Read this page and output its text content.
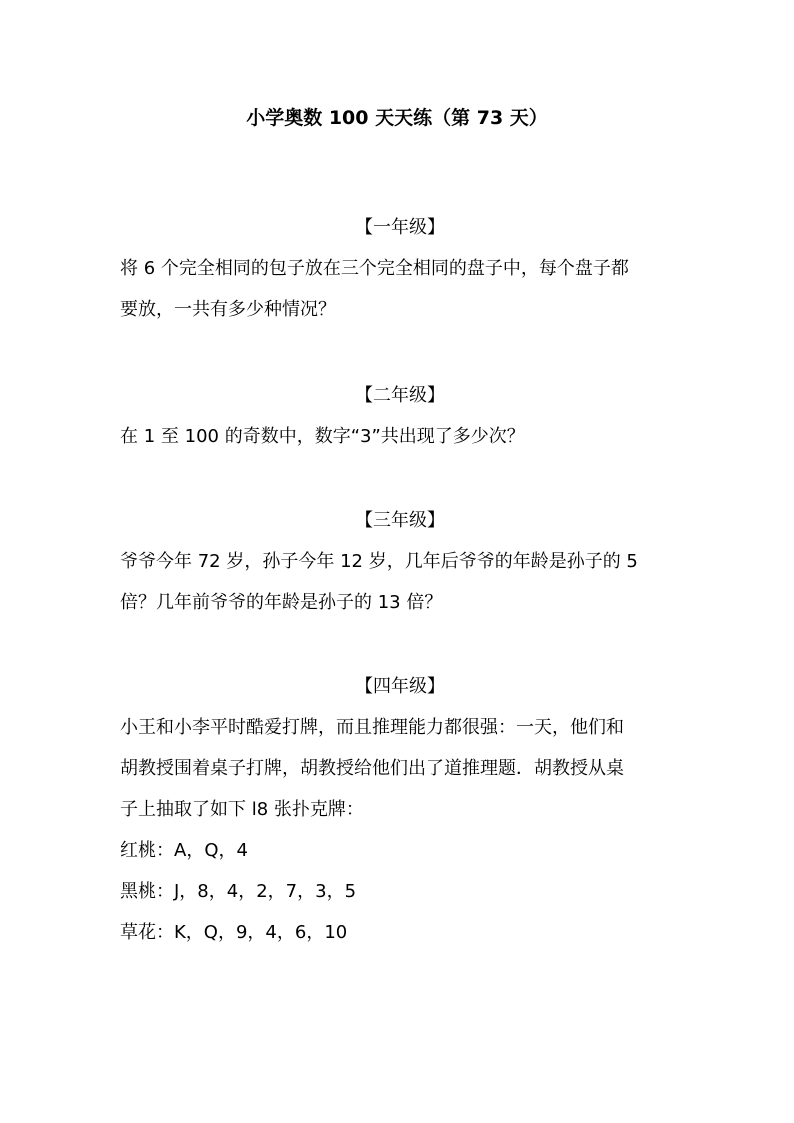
小学奥数 100 天天练（第 73 天）
【一年级】
将 6 个完全相同的包子放在三个完全相同的盘子中，每个盘子都
要放，一共有多少种情况？
【二年级】
在 1 至 100 的奇数中，数字“3”共出现了多少次？
【三年级】
爷爷今年 72 岁，孙子今年 12 岁，几年后爷爷的年龄是孙子的 5
倍？几年前爷爷的年龄是孙子的 13 倍？
【四年级】
小王和小李平时酷爱打牌，而且推理能力都很强：一天，他们和
胡教授围着桌子打牌，胡教授给他们出了道推理题．胡教授从桌
子上抽取了如下 l8 张扑克牌：
红桃：A，Q，4
黑桃：J，8，4，2，7，3，5
草花：K，Q，9，4，6，10
